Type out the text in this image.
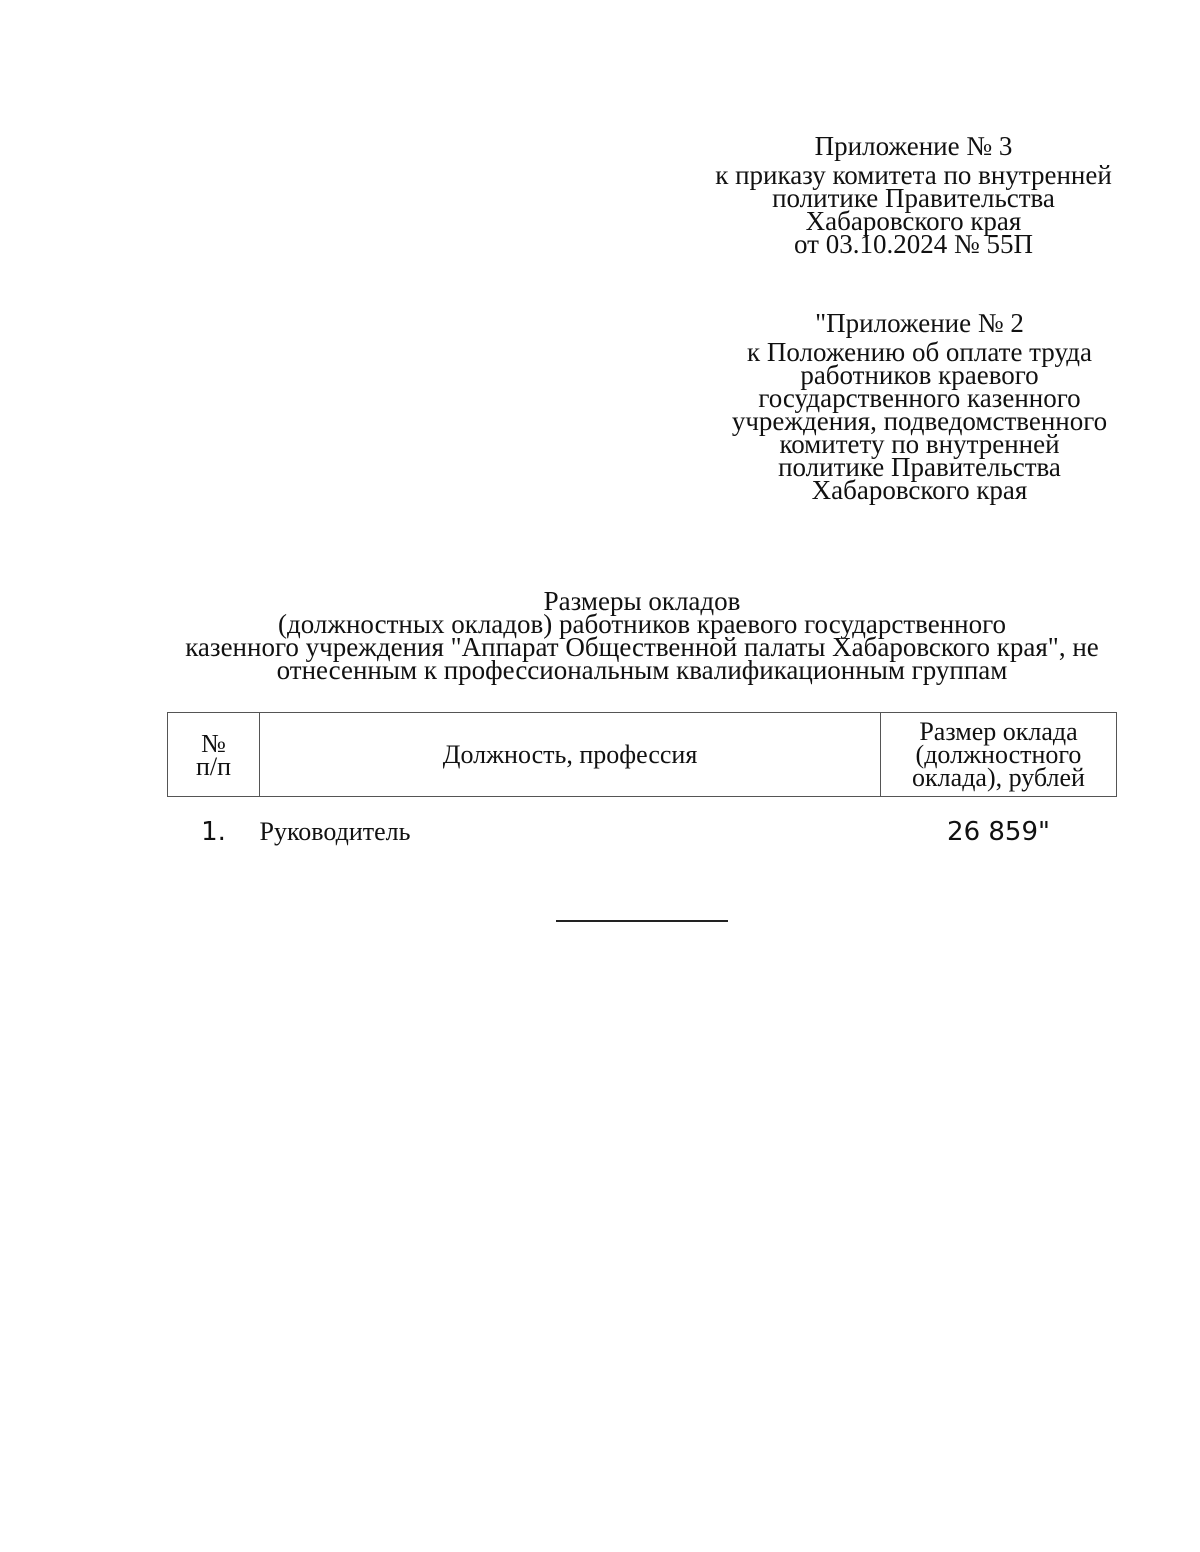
Приложение № 3
к приказу комитета по внутренней
политике Правительства
Хабаровского края
от 03.10.2024 № 55П
"Приложение № 2
к Положению об оплате труда
работников краевого
государственного казенного
учреждения, подведомственного
комитету по внутренней
политике Правительства
Хабаровского края
Размеры окладов
(должностных окладов) работников краевого государственного
казенного учреждения "Аппарат Общественной палаты Хабаровского края", не
отнесенным к профессиональным квалификационным группам
№
п/п	Должность, профессия	Размер оклада
(должностного
оклада), рублей

1.	Руководитель	26 859"
